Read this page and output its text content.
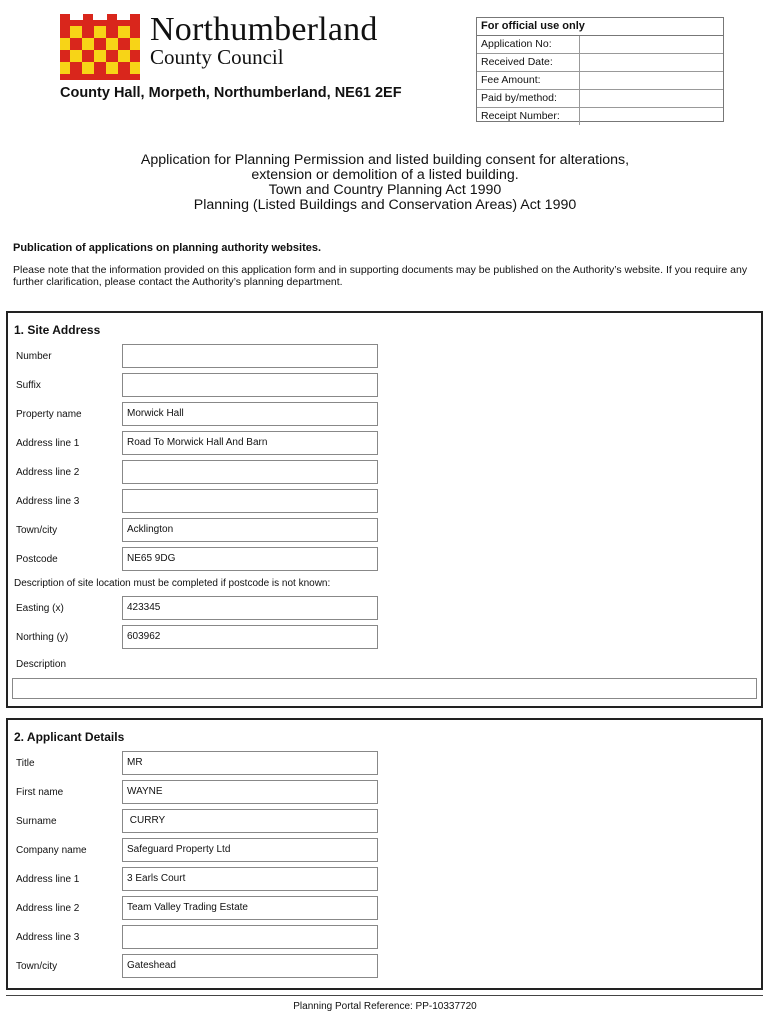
Northumberland
County Council
County Hall, Morpeth, Northumberland, NE61 2EF
For official use only
Application No:
Received Date:
Fee Amount:
Paid by/method:
Receipt Number:
Application for Planning Permission and listed building consent for alterations,
extension or demolition of a listed building.
Town and Country Planning Act 1990
Planning (Listed Buildings and Conservation Areas) Act 1990
Publication of applications on planning authority websites.
Please note that the information provided on this application form and in supporting documents may be published on the Authority’s website. If you require any further clarification, please contact the Authority’s planning department.
1. Site Address
Number
Suffix
Property name	Morwick Hall
Address line 1	Road To Morwick Hall And Barn
Address line 2
Address line 3
Town/city	Acklington
Postcode	NE65 9DG
Description of site location must be completed if postcode is not known:
Easting (x)	423345
Northing (y)	603962
Description
2. Applicant Details
Title	MR
First name	WAYNE
Surname	CURRY
Company name	Safeguard Property Ltd
Address line 1	3 Earls Court
Address line 2	Team Valley Trading Estate
Address line 3
Town/city	Gateshead
Planning Portal Reference: PP-10337720
